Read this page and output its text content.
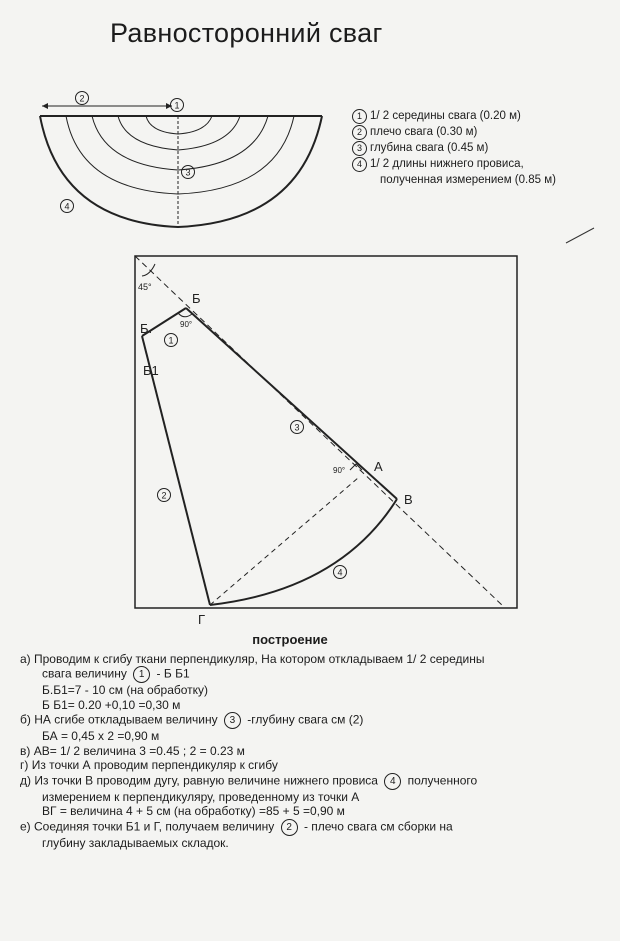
Равносторонний сваг
2
1
3
4
45°
90°
90°
Б
Б.
Б1
А
В
Г
1
2
3
4
1 1/ 2 середины свага (0.20 м)
2 плечо свага (0.30 м)
3 глубина свага (0.45 м)
4 1/ 2 длины нижнего провиса,
полученная измерением (0.85 м)
построение
а) Проводим к сгибу ткани перпендикуляр, На котором откладываем 1/ 2 середины
свага величину 1 - Б Б1
Б.Б1=7 - 10 см (на обработку)
Б Б1= 0.20 +0,10 =0,30 м
б) НА сгибе откладываем величину 3 -глубину свага см (2)
БА = 0,45 х 2 =0,90 м
в) АВ= 1/ 2 величина 3 =0.45 ; 2 = 0.23 м
г) Из точки А проводим перпендикуляр к сгибу
д) Из точки В проводим дугу, равную величине нижнего провиса 4 полученного
измерением к перпендикуляру, проведенному из точки А
ВГ = величина 4 + 5 см (на обработку) =85 + 5 =0,90 м
е) Соединяя точки Б1 и Г, получаем величину 2 - плечо свага см сборки на
глубину закладываемых складок.
